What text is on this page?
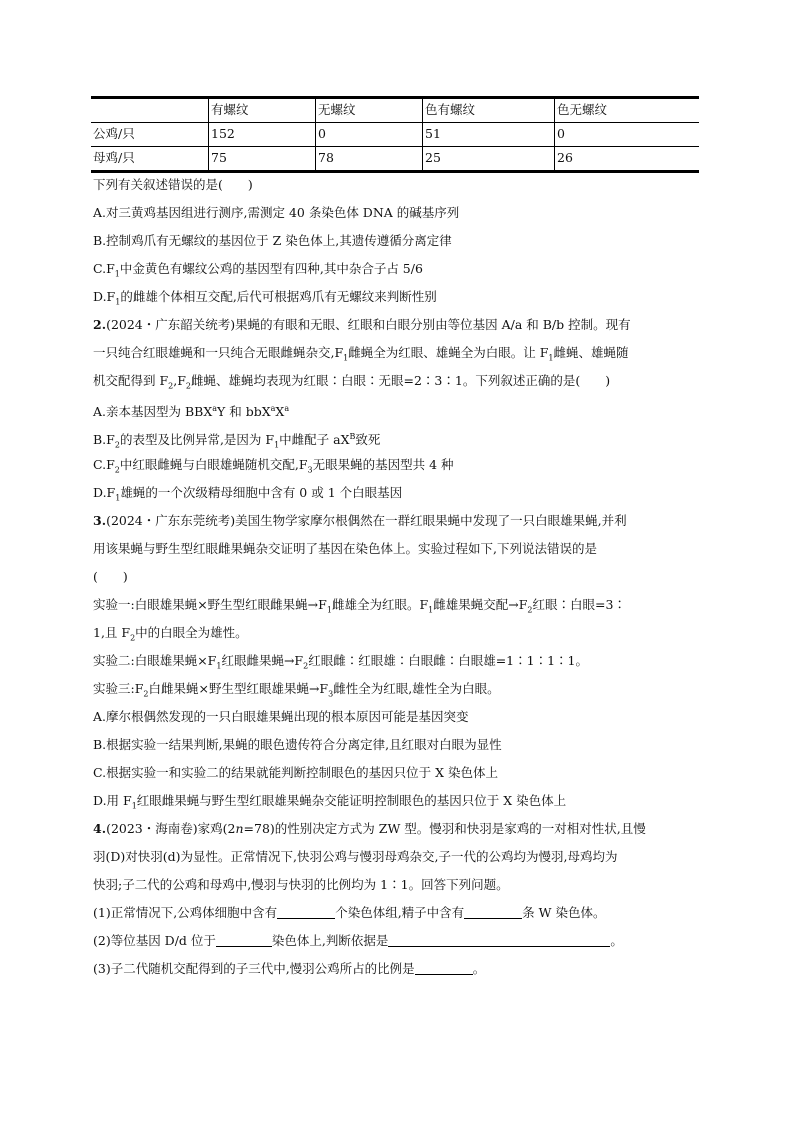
	有螺纹	无螺纹	色有螺纹	色无螺纹
公鸡/只	152	0	51	0
母鸡/只	75	78	25	26
下列有关叙述错误的是(　　)
A.对三黄鸡基因组进行测序,需测定 40 条染色体 DNA 的碱基序列
B.控制鸡爪有无螺纹的基因位于 Z 染色体上,其遗传遵循分离定律
$C.F_1$中金黄色有螺纹公鸡的基因型有四种,其中杂合子占 5/6
$D.F_1$的雌雄个体相互交配,后代可根据鸡爪有无螺纹来判断性别
2.(2024・广东韶关统考)果蝇的有眼和无眼、红眼和白眼分别由等位基因 A/a 和 B/b 控制。现有
一只纯合红眼雄蝇和一只纯合无眼雌蝇杂交$,F_1$雌蝇全为红眼、雄蝇全为白眼。让 $F_1$雌蝇、雄蝇随
机交配得到 $F_2,F_2$雌蝇、雄蝇均表现为红眼∶白眼∶无眼=2∶3∶1。下列叙述正确的是(　　)
A.亲本基因型为 BBX$^a$Y 和 $bbX^aX^a$
$B.F_2$的表型及比例异常,是因为 $F_1$中雌配子 $aX^B$致死
$C.F_2$中红眼雌蝇与白眼雄蝇随机交配$,F_3$无眼果蝇的基因型共 4 种
$D.F_1$雄蝇的一个次级精母细胞中含有 0 或 1 个白眼基因
3.(2024・广东东莞统考)美国生物学家摩尔根偶然在一群红眼果蝇中发现了一只白眼雄果蝇,并利
用该果蝇与野生型红眼雌果蝇杂交证明了基因在染色体上。实验过程如下,下列说法错误的是
(　　)
实验一:白眼雄果蝇×野生型红眼雌果蝇$\to F_1$雌雄全为红眼。$F_1$雌雄果蝇交配$\to F_2$红眼∶白眼=3∶
1,且 $F_2$中的白眼全为雄性。
实验二:白眼雄果蝇$\times F_1$红眼雌果蝇$\to F_2$红眼雌∶红眼雄∶白眼雌∶白眼雄=1∶1∶1∶1。
实验三$:F_2$白雌果蝇×野生型红眼雄果蝇$\to F_3$雌性全为红眼,雄性全为白眼。
A.摩尔根偶然发现的一只白眼雄果蝇出现的根本原因可能是基因突变
B.根据实验一结果判断,果蝇的眼色遗传符合分离定律,且红眼对白眼为显性
C.根据实验一和实验二的结果就能判断控制眼色的基因只位于 X 染色体上
D.用 $F_1$红眼雌果蝇与野生型红眼雄果蝇杂交能证明控制眼色的基因只位于 X 染色体上
4.(2023・海南卷)家鸡(2n=78)的性别决定方式为 ZW 型。慢羽和快羽是家鸡的一对相对性状,且慢
羽(D)对快羽(d)为显性。正常情况下,快羽公鸡与慢羽母鸡杂交,子一代的公鸡均为慢羽,母鸡均为
快羽;子二代的公鸡和母鸡中,慢羽与快羽的比例均为 1∶1。回答下列问题。
(1)正常情况下,公鸡体细胞中含有	个染色体组,精子中含有	条 W 染色体。
(2)等位基因 D/d 位于	染色体上,判断依据是	。
(3)子二代随机交配得到的子三代中,慢羽公鸡所占的比例是	。
